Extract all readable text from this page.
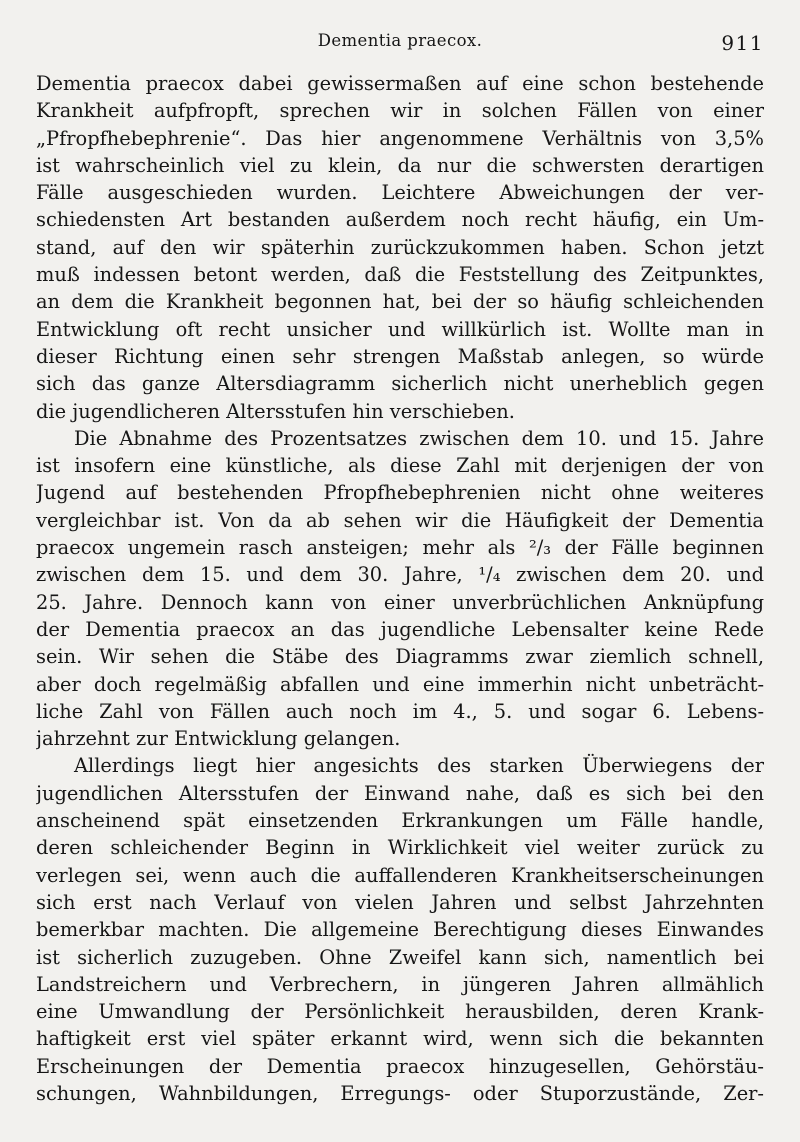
Dementia praecox.	911
Dementia praecox dabei gewissermaßen auf eine schon bestehende
Krankheit aufpfropft, sprechen wir in solchen Fällen von einer
„Pfropfhebephrenie“. Das hier angenommene Verhältnis von 3,5%
ist wahrscheinlich viel zu klein, da nur die schwersten derartigen
Fälle ausgeschieden wurden. Leichtere Abweichungen der ver-
schiedensten Art bestanden außerdem noch recht häufig, ein Um-
stand, auf den wir späterhin zurückzukommen haben. Schon jetzt
muß indessen betont werden, daß die Feststellung des Zeitpunktes,
an dem die Krankheit begonnen hat, bei der so häufig schleichenden
Entwicklung oft recht unsicher und willkürlich ist. Wollte man in
dieser Richtung einen sehr strengen Maßstab anlegen, so würde
sich das ganze Altersdiagramm sicherlich nicht unerheblich gegen
die jugendlicheren Altersstufen hin verschieben.
Die Abnahme des Prozentsatzes zwischen dem 10. und 15. Jahre
ist insofern eine künstliche, als diese Zahl mit derjenigen der von
Jugend auf bestehenden Pfropfhebephrenien nicht ohne weiteres
vergleichbar ist. Von da ab sehen wir die Häufigkeit der Dementia
praecox ungemein rasch ansteigen; mehr als ²/₃ der Fälle beginnen
zwischen dem 15. und dem 30. Jahre, ¹/₄ zwischen dem 20. und
25. Jahre. Dennoch kann von einer unverbrüchlichen Anknüpfung
der Dementia praecox an das jugendliche Lebensalter keine Rede
sein. Wir sehen die Stäbe des Diagramms zwar ziemlich schnell,
aber doch regelmäßig abfallen und eine immerhin nicht unbeträcht-
liche Zahl von Fällen auch noch im 4., 5. und sogar 6. Lebens-
jahrzehnt zur Entwicklung gelangen.
Allerdings liegt hier angesichts des starken Überwiegens der
jugendlichen Altersstufen der Einwand nahe, daß es sich bei den
anscheinend spät einsetzenden Erkrankungen um Fälle handle,
deren schleichender Beginn in Wirklichkeit viel weiter zurück zu
verlegen sei, wenn auch die auffallenderen Krankheitserscheinungen
sich erst nach Verlauf von vielen Jahren und selbst Jahrzehnten
bemerkbar machten. Die allgemeine Berechtigung dieses Einwandes
ist sicherlich zuzugeben. Ohne Zweifel kann sich, namentlich bei
Landstreichern und Verbrechern, in jüngeren Jahren allmählich
eine Umwandlung der Persönlichkeit herausbilden, deren Krank-
haftigkeit erst viel später erkannt wird, wenn sich die bekannten
Erscheinungen der Dementia praecox hinzugesellen, Gehörstäu-
schungen, Wahnbildungen, Erregungs- oder Stuporzustände, Zer-
